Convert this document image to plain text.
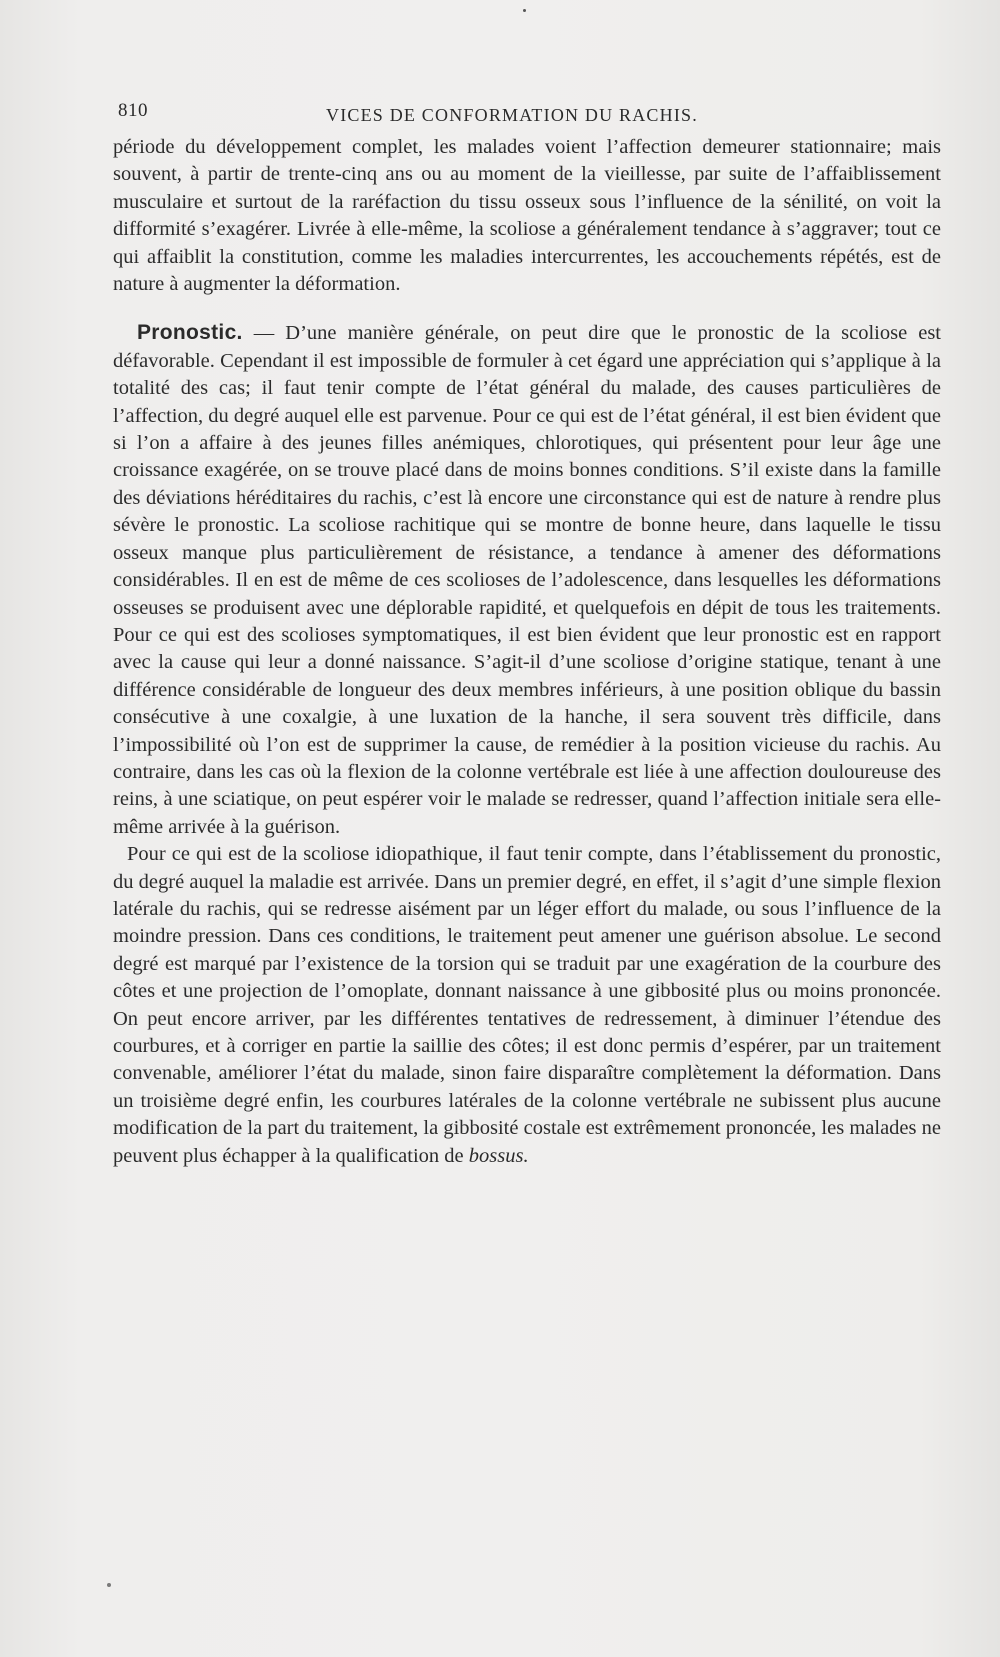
810	VICES DE CONFORMATION DU RACHIS.

période du développement complet, les malades voient l’affection demeurer stationnaire; mais souvent, à partir de trente-cinq ans ou au moment de la vieillesse, par suite de l’affaiblissement musculaire et surtout de la raréfaction du tissu osseux sous l’influence de la sénilité, on voit la difformité s’exagérer. Livrée à elle-même, la scoliose a généralement tendance à s’aggraver; tout ce qui affaiblit la constitution, comme les maladies intercurrentes, les accouchements répétés, est de nature à augmenter la déformation.

Pronostic. — D’une manière générale, on peut dire que le pronostic de la scoliose est défavorable. Cependant il est impossible de formuler à cet égard une appréciation qui s’applique à la totalité des cas; il faut tenir compte de l’état général du malade, des causes particulières de l’affection, du degré auquel elle est parvenue. Pour ce qui est de l’état général, il est bien évident que si l’on a affaire à des jeunes filles anémiques, chlorotiques, qui présentent pour leur âge une croissance exagérée, on se trouve placé dans de moins bonnes conditions. S’il existe dans la famille des déviations héréditaires du rachis, c’est là encore une circonstance qui est de nature à rendre plus sévère le pronostic. La scoliose rachitique qui se montre de bonne heure, dans laquelle le tissu osseux manque plus particulièrement de résistance, a tendance à amener des déformations considérables. Il en est de même de ces scolioses de l’adolescence, dans lesquelles les déformations osseuses se produisent avec une déplorable rapidité, et quelquefois en dépit de tous les traitements. Pour ce qui est des scolioses symptomatiques, il est bien évident que leur pronostic est en rapport avec la cause qui leur a donné naissance. S’agit-il d’une scoliose d’origine statique, tenant à une différence considérable de longueur des deux membres inférieurs, à une position oblique du bassin consécutive à une coxalgie, à une luxation de la hanche, il sera souvent très difficile, dans l’impossibilité où l’on est de supprimer la cause, de remédier à la position vicieuse du rachis. Au contraire, dans les cas où la flexion de la colonne vertébrale est liée à une affection douloureuse des reins, à une sciatique, on peut espérer voir le malade se redresser, quand l’affection initiale sera elle-même arrivée à la guérison.

Pour ce qui est de la scoliose idiopathique, il faut tenir compte, dans l’établissement du pronostic, du degré auquel la maladie est arrivée. Dans un premier degré, en effet, il s’agit d’une simple flexion latérale du rachis, qui se redresse aisément par un léger effort du malade, ou sous l’influence de la moindre pression. Dans ces conditions, le traitement peut amener une guérison absolue. Le second degré est marqué par l’existence de la torsion qui se traduit par une exagération de la courbure des côtes et une projection de l’omoplate, donnant naissance à une gibbosité plus ou moins prononcée. On peut encore arriver, par les différentes tentatives de redressement, à diminuer l’étendue des courbures, et à corriger en partie la saillie des côtes; il est donc permis d’espérer, par un traitement convenable, améliorer l’état du malade, sinon faire disparaître complètement la déformation. Dans un troisième degré enfin, les courbures latérales de la colonne vertébrale ne subissent plus aucune modification de la part du traitement, la gibbosité costale est extrêmement prononcée, les malades ne peuvent plus échapper à la qualification de bossus.
